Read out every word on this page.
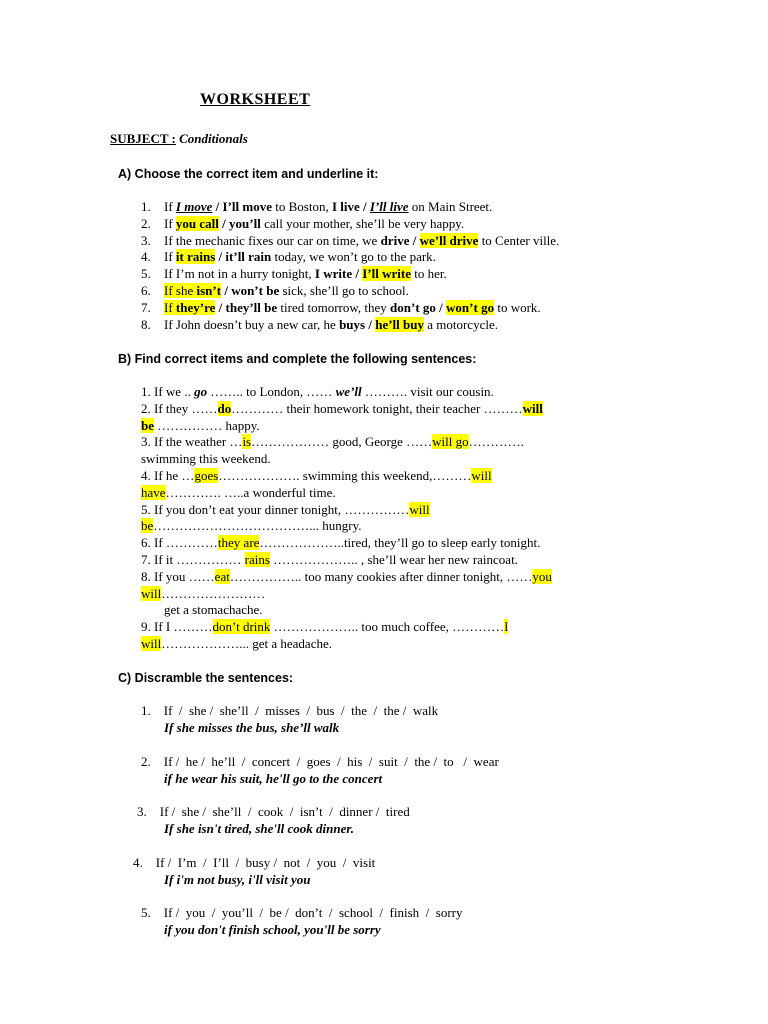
WORKSHEET
SUBJECT : Conditionals
A) Choose the correct item and underline it:
1. If I move / I’ll move to Boston, I live / I’ll live on Main Street.
2. If you call / you’ll call your mother, she’ll be very happy.
3. If the mechanic fixes our car on time, we drive / we’ll drive to Center ville.
4. If it rains / it’ll rain today, we won’t go to the park.
5. If I’m not in a hurry tonight, I write / I’ll write to her.
6. If she isn’t / won’t be sick, she’ll go to school.
7. If they’re / they’ll be tired tomorrow, they don’t go / won’t go to work.
8. If John doesn’t buy a new car, he buys / he’ll buy a motorcycle.
B) Find correct items and complete the following sentences:
1. If we .. go …….. to London, …… we’ll ………. visit our cousin.
2. If they ……do………… their homework tonight, their teacher ………will
be …………… happy.
3. If the weather …is……………… good, George ……will go………….
swimming this weekend.
4. If he …goes………………. swimming this weekend,………will
have…………. …..a wonderful time.
5. If you don’t eat your dinner tonight, ……………will
be………………………………... hungry.
6. If …………they are………………..tired, they’ll go to sleep early tonight.
7. If it …………… rains ……………….. , she’ll wear her new raincoat.
8. If you ……eat…………….. too many cookies after dinner tonight, ……you
will……………………
get a stomachache.
9. If I ………don’t drink ……………….. too much coffee, …………I
will………………... get a headache.
C) Discramble the sentences:
1.    If  /  she /  she’ll  /  misses  /  bus  /  the  /  the /  walk
If she misses the bus, she’ll walk
2.    If /  he /  he’ll  /  concert  /  goes  /  his  /  suit  /  the /  to   /  wear
if he wear his suit, he'll go to the concert
3.    If /  she /  she’ll  /  cook  /  isn’t  /  dinner /  tired
If she isn't tired, she'll cook dinner.
4.    If /  I’m  /  I’ll  /  busy /  not  /  you  /  visit
If i'm not busy, i'll visit you
5.    If /  you  /  you’ll  /  be /  don’t  /  school  /  finish  /  sorry
if you don't finish school, you'll be sorry
